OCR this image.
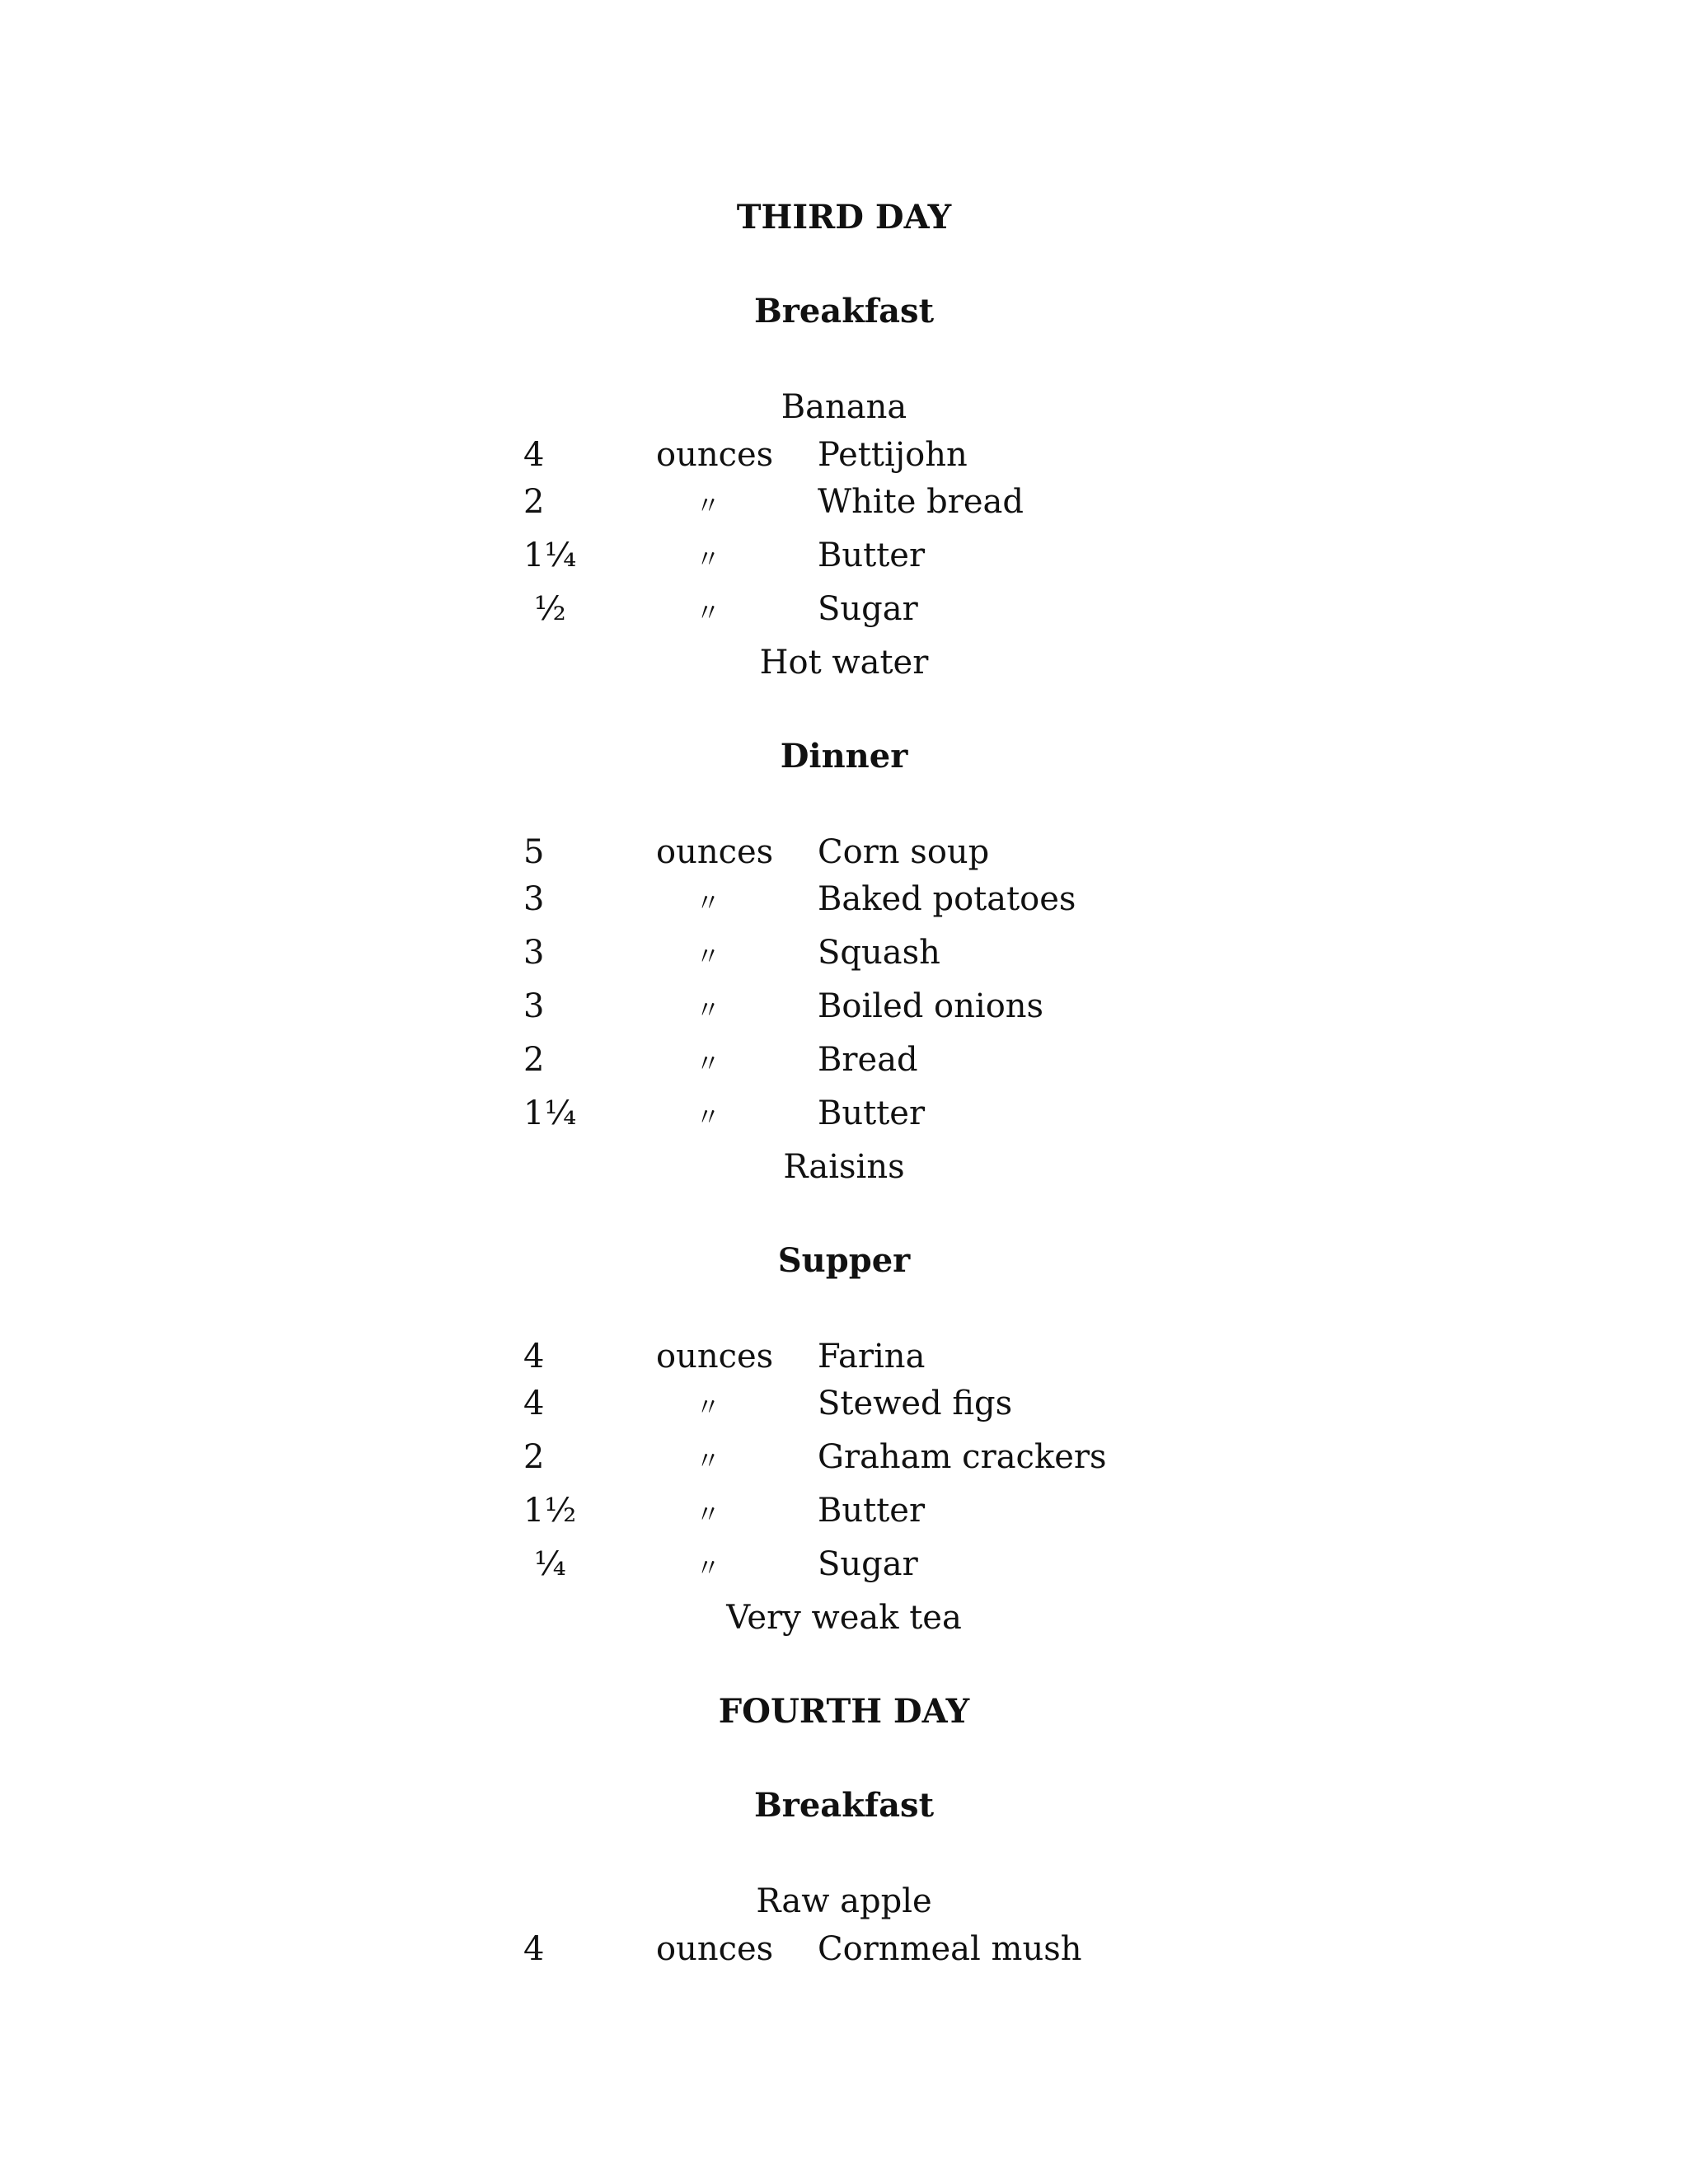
THIRD DAY
Breakfast

Banana

4	ounces Pettijohn
2	〃	White bread
1¼	〃	Butter
½	〃	Sugar

Hot water

Dinner
5	ounces Corn soup
3	〃	Baked potatoes
3	〃	Squash
3	〃	Boiled onions
2	〃	Bread
1¼	〃	Butter

Raisins

Supper
4	ounces Farina
4	〃	Stewed figs
2	〃	Graham crackers
1½	〃	Butter
¼	〃	Sugar

Very weak tea

FOURTH DAY
Breakfast

Raw apple

4	ounces Cornmeal mush
